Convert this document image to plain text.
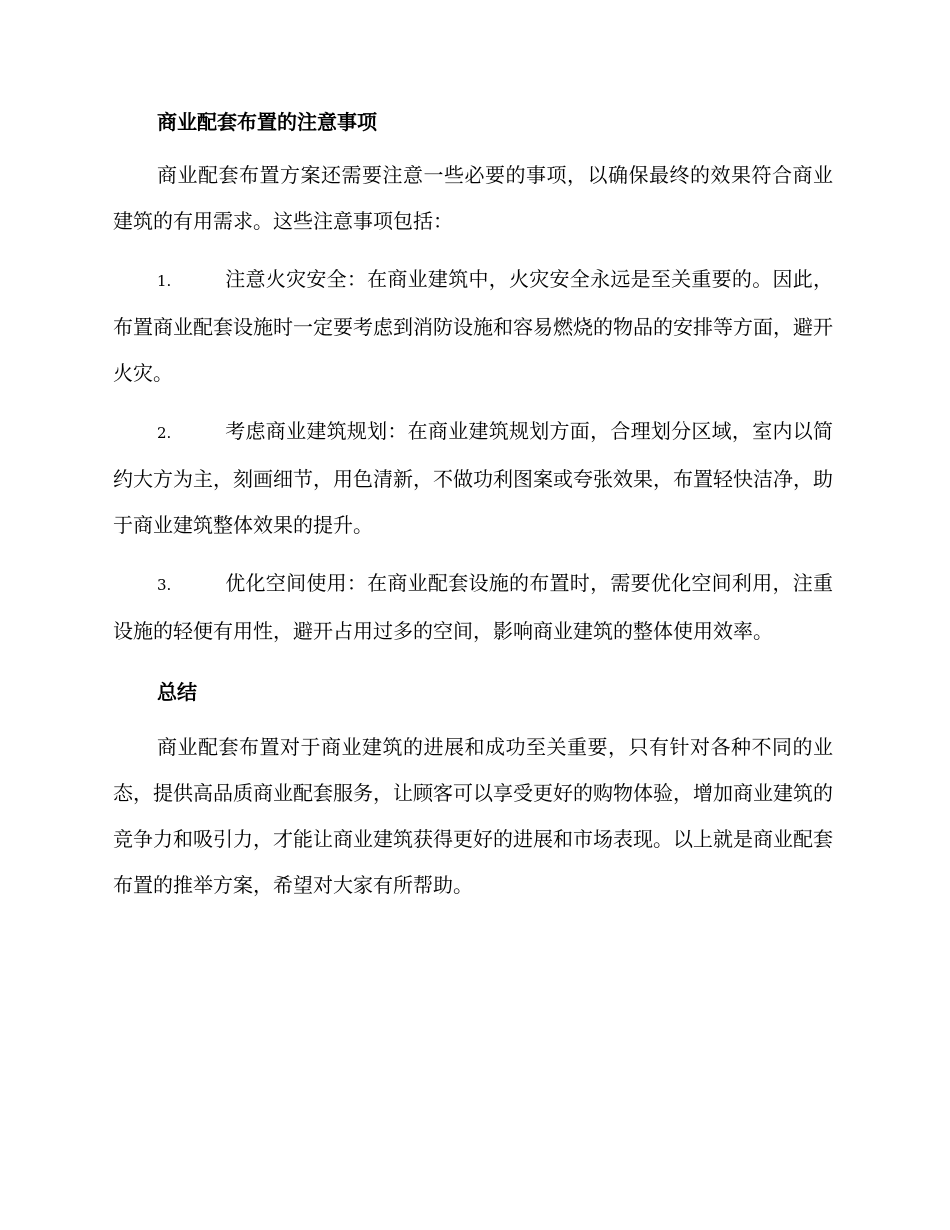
商业配套布置的注意事项

商业配套布置方案还需要注意一些必要的事项，以确保最终的效果符合商业建筑的有用需求。这些注意事项包括：

1.	注意火灾安全：在商业建筑中，火灾安全永远是至关重要的。因此，布置商业配套设施时一定要考虑到消防设施和容易燃烧的物品的安排等方面，避开火灾。

2.	考虑商业建筑规划：在商业建筑规划方面，合理划分区域，室内以简约大方为主，刻画细节，用色清新，不做功利图案或夸张效果，布置轻快洁净，助于商业建筑整体效果的提升。

3.	优化空间使用：在商业配套设施的布置时，需要优化空间利用，注重设施的轻便有用性，避开占用过多的空间，影响商业建筑的整体使用效率。

总结

商业配套布置对于商业建筑的进展和成功至关重要，只有针对各种不同的业态，提供高品质商业配套服务，让顾客可以享受更好的购物体验，增加商业建筑的竞争力和吸引力，才能让商业建筑获得更好的进展和市场表现。以上就是商业配套布置的推举方案，希望对大家有所帮助。
